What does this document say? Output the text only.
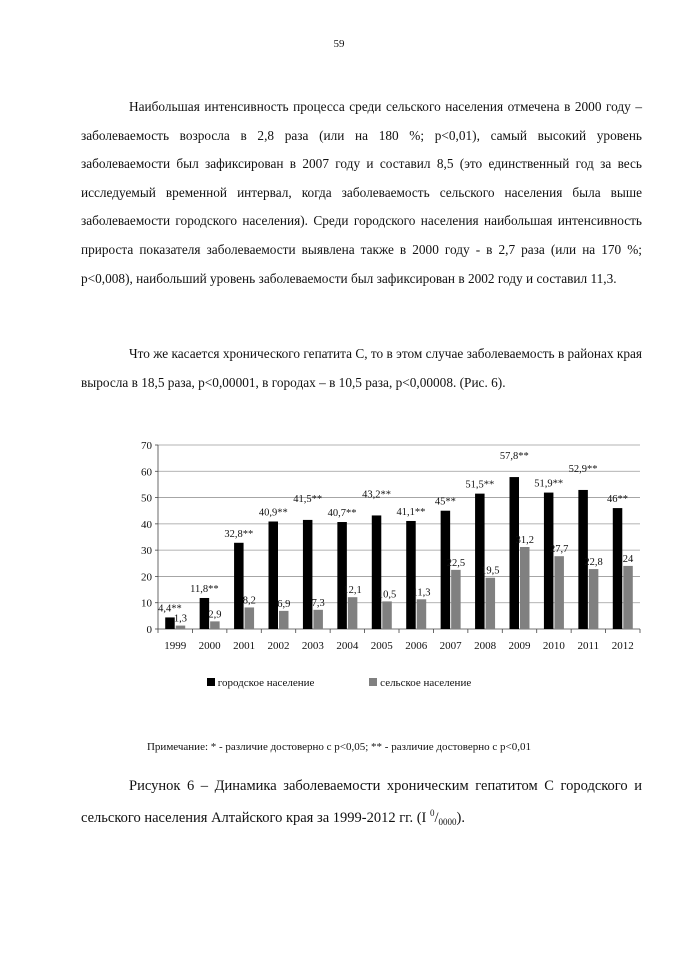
59

Наибольшая интенсивность процесса среди сельского населения отмечена в 2000 году – заболеваемость возросла в 2,8 раза (или на 180 %; р<0,01), самый высокий уровень заболеваемости был зафиксирован в 2007 году и составил 8,5 (это единственный год за весь исследуемый временной интервал, когда заболеваемость сельского населения была выше заболеваемости городского населения). Среди городского населения наибольшая интенсивность прироста показателя заболеваемости выявлена также в 2000 году - в 2,7 раза (или на 170 %; р<0,008), наибольший уровень заболеваемости был зафиксирован в 2002 году и составил 11,3.

Что же касается хронического гепатита С, то в этом случае заболеваемость в районах края выросла в 18,5 раза, р<0,00001, в городах – в 10,5 раза, р<0,00008. (Рис. 6).

0
10
20
30
40
50
60
70
1999 2000 2001 2002 2003 2004 2005 2006 2007 2008 2009 2010 2011 2012
4,4**
1,3
11,8**
2,9
32,8**
8,2
40,9**
6,9
41,5**
7,3
40,7**
12,1
43,2**
10,5
41,1**
11,3
45**
22,5
51,5**
19,5
57,8**
31,2
51,9**
27,7
52,9**
22,8
46**
24
городское население	сельское население
Примечание: * - различие достоверно с р<0,05; ** - различие достоверно с р<0,01

Рисунок 6 – Динамика заболеваемости хроническим гепатитом С городского и сельского населения Алтайского края за 1999-2012 гг. (I $^0/_{0000}$).
